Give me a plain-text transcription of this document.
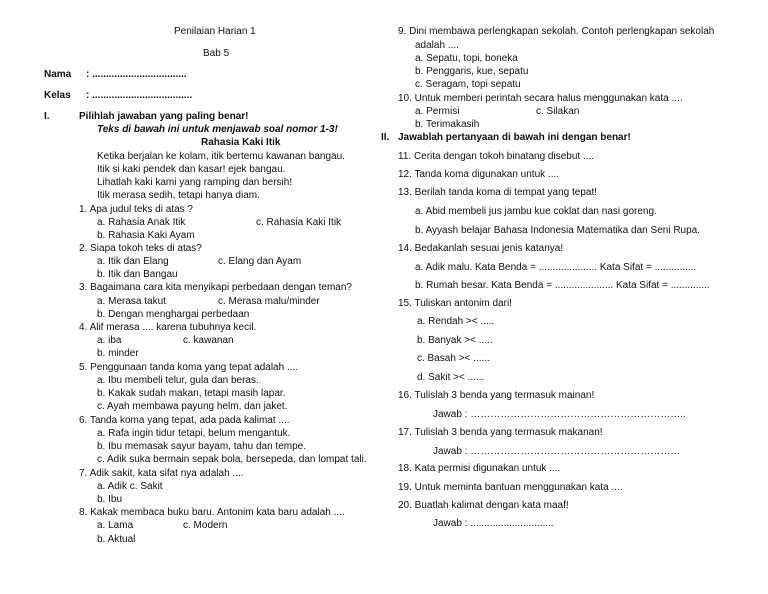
Penilaian Harian 1
Bab 5
Nama : ..................................
Kelas : ....................................
I.	Pilihlah jawaban yang paling benar!
Teks di bawah ini untuk menjawab soal nomor 1-3!
Rahasia Kaki Itik
Ketika berjalan ke kolam, itik bertemu kawanan bangau.
Itik si kaki pendek dan kasar! ejek bangau.
Lihatlah kaki kami yang ramping dan bersih!
Itik merasa sedih, tetapi hanya diam.
1. Apa judul teks di atas ?
a. Rahasia Anak Itik	c. Rahasia Kaki Itik
b. Rahasia Kaki Ayam
2. Siapa tokoh teks di atas?
a. Itik dan Elang	c. Elang dan Ayam
b. Itik dan Bangau
3. Bagaimana cara kita menyikapi perbedaan dengan teman?
a. Merasa takut	c. Merasa malu/minder
b. Dengan menghargai perbedaan
4. Alif merasa .... karena tubuhnya kecil.
a. iba	c. kawanan
b. minder
5. Penggunaan tanda koma yang tepat adalah ....
a. Ibu membeli telur, gula dan beras.
b. Kakak sudah makan, tetapi masih lapar.
c. Ayah membawa payung helm, dan jaket.
6. Tanda koma yang tepat, ada pada kalimat ....
a. Rafa ingin tidur tetapi, belum mengantuk.
b. Ibu memasak sayur bayam, tahu dan tempe.
c. Adik suka bermain sepak bola, bersepeda, dan lompat tali.
7. Adik sakit, kata sifat nya adalah ....
a. Adik c. Sakit
b. Ibu
8. Kakak membaca buku baru. Antonim kata baru adalah ....
a. Lama	c. Modern
b. Aktual
9. Dini membawa perlengkapan sekolah. Contoh perlengkapan sekolah
adalah ....
a. Sepatu, topi, boneka
b. Penggaris, kue, sepatu
c. Seragam, topi sepatu
10. Untuk memberi perintah secara halus menggunakan kata ....
a. Permisi	c. Silakan
b. Terimakasih
II. Jawablah pertanyaan di bawah ini dengan benar!
11. Cerita dengan tokoh binatang disebut ....
12. Tanda koma digunakan untuk ....
13. Berilah tanda koma di tempat yang tepat!
a. Abid membeli jus jambu kue coklat dan nasi goreng.
b. Ayyash belajar Bahasa Indonesia Matematika dan Seni Rupa.
14. Bedakanlah sesuai jenis katanya!
a. Adik malu. Kata Benda = ..................... Kata Sifat = ...............
b. Rumah besar. Kata Benda = ..................... Kata Sifat = ..............
15. Tuliskan antonim dari!
a. Rendah >< .....
b. Banyak >< .....
c. Basah >< ......
d. Sakit >< ......
16. Tulislah 3 benda yang termasuk mainan!
Jawab : ………………………………………………………..
17. Tulislah 3 benda yang termasuk makanan!
Jawab : ………………………………………………………
18. Kata permisi digunakan untuk ....
19. Untuk meminta bantuan menggunakan kata ....
20. Buatlah kalimat dengan kata maaf!
Jawab : ..............................
